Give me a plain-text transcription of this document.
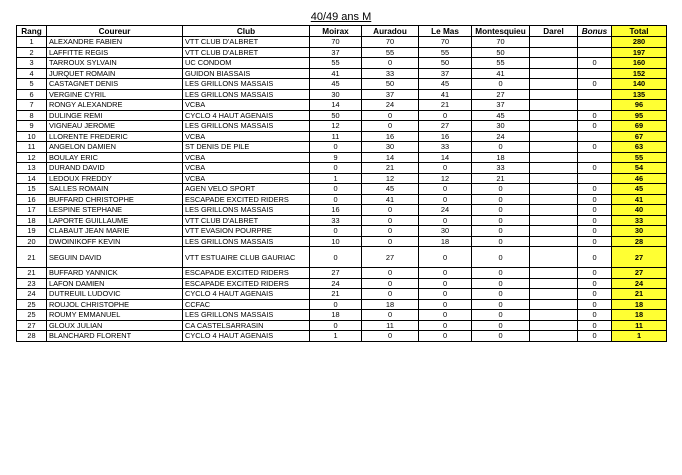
40/49 ans M
Rang	Coureur	Club	Moirax	Auradou	Le Mas	Montesquieu	Darel	Bonus	Total
1	ALEXANDRE FABIEN	VTT CLUB D'ALBRET	70	70	70	70			280
2	LAFFITTE REGIS	VTT CLUB D'ALBRET	37	55	55	50			197
3	TARROUX SYLVAIN	UC CONDOM	55	0	50	55		0	160
4	JURQUET ROMAIN	GUIDON BIASSAIS	41	33	37	41			152
5	CASTAGNET DENIS	LES GRILLONS MASSAIS	45	50	45	0		0	140
6	VERGINE CYRIL	LES GRILLONS MASSAIS	30	37	41	27			135
7	RONGY ALEXANDRE	VCBA	14	24	21	37			96
8	DULINGE REMI	CYCLO 4 HAUT AGENAIS	50	0	0	45		0	95
9	VIGNEAU JEROME	LES GRILLONS MASSAIS	12	0	27	30		0	69
10	LLORENTE FREDERIC	VCBA	11	16	16	24			67
11	ANGELON DAMIEN	ST DENIS DE PILE	0	30	33	0		0	63
12	BOULAY ERIC	VCBA	9	14	14	18			55
13	DURAND DAVID	VCBA	0	21	0	33		0	54
14	LEDOUX FREDDY	VCBA	1	12	12	21			46
15	SALLES ROMAIN	AGEN VELO SPORT	0	45	0	0		0	45
16	BUFFARD CHRISTOPHE	ESCAPADE EXCITED RIDERS	0	41	0	0		0	41
17	LESPINE STEPHANE	LES GRILLONS MASSAIS	16	0	24	0		0	40
18	LAPORTE GUILLAUME	VTT CLUB D'ALBRET	33	0	0	0		0	33
19	CLABAUT JEAN MARIE	VTT EVASION POURPRE	0	0	30	0		0	30
20	DWOINIKOFF KEVIN	LES GRILLONS MASSAIS	10	0	18	0		0	28
21	SEGUIN DAVID	VTT ESTUAIRE CLUB GAURIAC	0	27	0	0		0	27
21	BUFFARD YANNICK	ESCAPADE EXCITED RIDERS	27	0	0	0		0	27
23	LAFON DAMIEN	ESCAPADE EXCITED RIDERS	24	0	0	0		0	24
24	DUTREUIL LUDOVIC	CYCLO 4 HAUT AGENAIS	21	0	0	0		0	21
25	ROUJOL CHRISTOPHE	CCFAC	0	18	0	0		0	18
25	ROUMY EMMANUEL	LES GRILLONS MASSAIS	18	0	0	0		0	18
27	GLOUX JULIAN	CA CASTELSARRASIN	0	11	0	0		0	11
28	BLANCHARD FLORENT	CYCLO 4 HAUT AGENAIS	1	0	0	0		0	1
